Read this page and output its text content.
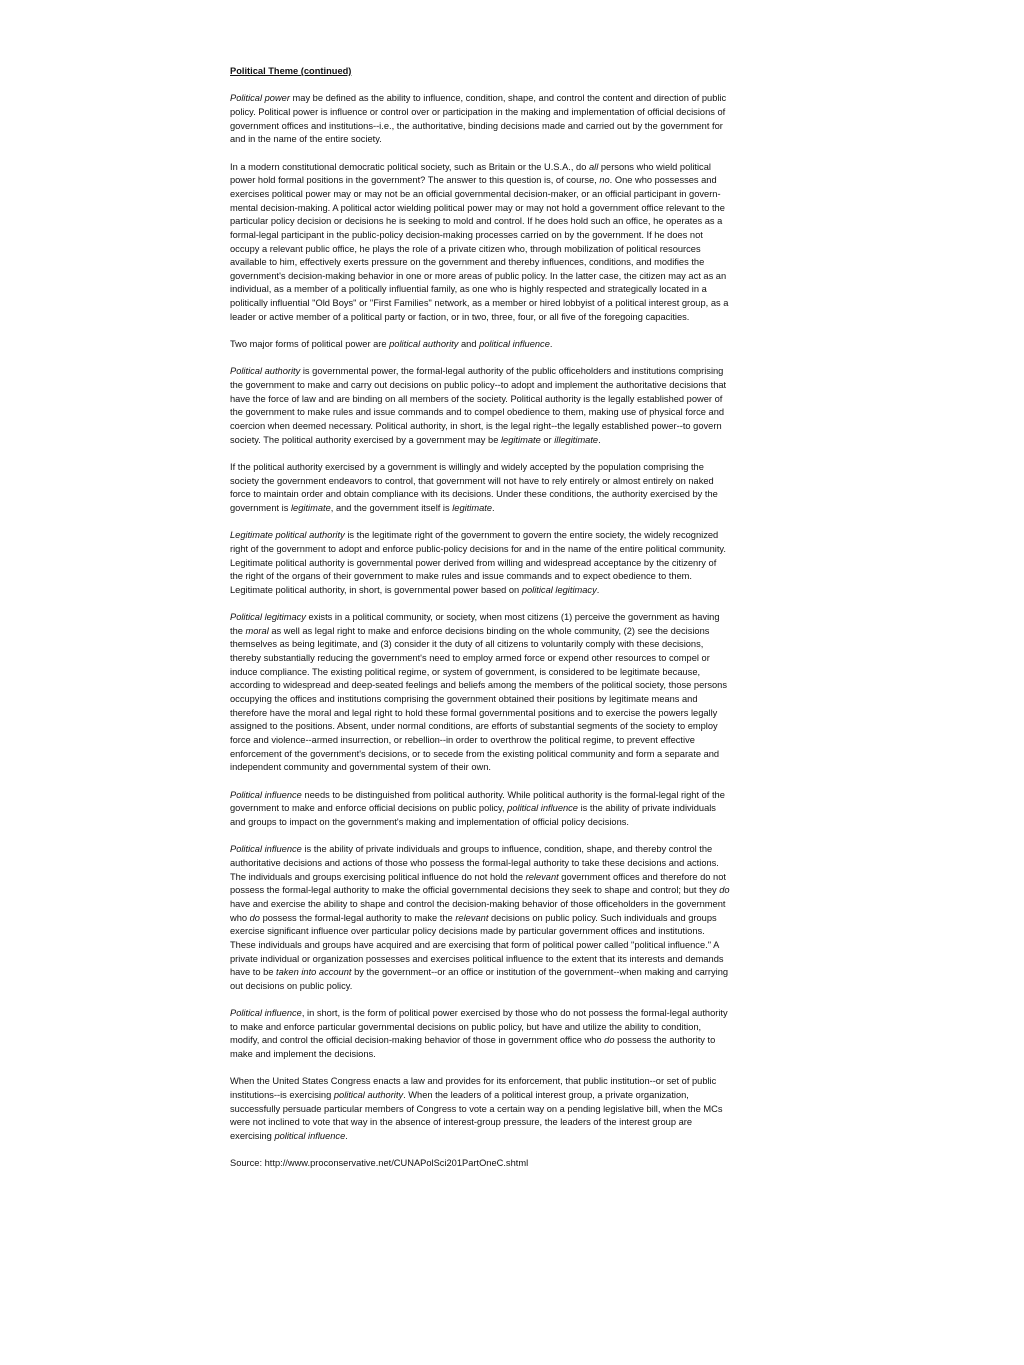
Political Theme (continued)
Political power may be defined as the ability to influence, condition, shape, and control the content and direction of public policy. Political power is influence or control over or participation in the making and implementation of official decisions of government offices and institutions--i.e., the authoritative, binding decisions made and carried out by the government for and in the name of the entire society.
In a modern constitutional democratic political society, such as Britain or the U.S.A., do all persons who wield political power hold formal positions in the government? The answer to this question is, of course, no. One who possesses and exercises political power may or may not be an official governmental decision-maker, or an official participant in govern- mental decision-making. A political actor wielding political power may or may not hold a government office relevant to the particular policy decision or decisions he is seeking to mold and control. If he does hold such an office, he operates as a formal-legal participant in the public-policy decision-making processes carried on by the government. If he does not occupy a relevant public office, he plays the role of a private citizen who, through mobilization of political resources available to him, effectively exerts pressure on the government and thereby influences, conditions, and modifies the government's decision-making behavior in one or more areas of public policy. In the latter case, the citizen may act as an individual, as a member of a politically influential family, as one who is highly respected and strategically located in a politically influential "Old Boys" or "First Families" network, as a member or hired lobbyist of a political interest group, as a leader or active member of a political party or faction, or in two, three, four, or all five of the foregoing capacities.
Two major forms of political power are political authority and political influence.
Political authority is governmental power, the formal-legal authority of the public officeholders and institutions comprising the government to make and carry out decisions on public policy--to adopt and implement the authoritative decisions that have the force of law and are binding on all members of the society. Political authority is the legally established power of the government to make rules and issue commands and to compel obedience to them, making use of physical force and coercion when deemed necessary. Political authority, in short, is the legal right--the legally established power--to govern society. The political authority exercised by a government may be legitimate or illegitimate.
If the political authority exercised by a government is willingly and widely accepted by the population comprising the society the government endeavors to control, that government will not have to rely entirely or almost entirely on naked force to maintain order and obtain compliance with its decisions. Under these conditions, the authority exercised by the government is legitimate, and the government itself is legitimate.
Legitimate political authority is the legitimate right of the government to govern the entire society, the widely recognized right of the government to adopt and enforce public-policy decisions for and in the name of the entire political community. Legitimate political authority is governmental power derived from willing and widespread acceptance by the citizenry of the right of the organs of their government to make rules and issue commands and to expect obedience to them. Legitimate political authority, in short, is governmental power based on political legitimacy.
Political legitimacy exists in a political community, or society, when most citizens (1) perceive the government as having the moral as well as legal right to make and enforce decisions binding on the whole community, (2) see the decisions themselves as being legitimate, and (3) consider it the duty of all citizens to voluntarily comply with these decisions, thereby substantially reducing the government's need to employ armed force or expend other resources to compel or induce compliance. The existing political regime, or system of government, is considered to be legitimate because, according to widespread and deep-seated feelings and beliefs among the members of the political society, those persons occupying the offices and institutions comprising the government obtained their positions by legitimate means and therefore have the moral and legal right to hold these formal governmental positions and to exercise the powers legally assigned to the positions. Absent, under normal conditions, are efforts of substantial segments of the society to employ force and violence--armed insurrection, or rebellion--in order to overthrow the political regime, to prevent effective enforcement of the government's decisions, or to secede from the existing political community and form a separate and independent community and governmental system of their own.
Political influence needs to be distinguished from political authority. While political authority is the formal-legal right of the government to make and enforce official decisions on public policy, political influence is the ability of private individuals and groups to impact on the government's making and implementation of official policy decisions.
Political influence is the ability of private individuals and groups to influence, condition, shape, and thereby control the authoritative decisions and actions of those who possess the formal-legal authority to take these decisions and actions. The individuals and groups exercising political influence do not hold the relevant government offices and therefore do not possess the formal-legal authority to make the official governmental decisions they seek to shape and control; but they do have and exercise the ability to shape and control the decision-making behavior of those officeholders in the government who do possess the formal-legal authority to make the relevant decisions on public policy. Such individuals and groups exercise significant influence over particular policy decisions made by particular government offices and institutions. These individuals and groups have acquired and are exercising that form of political power called "political influence." A private individual or organization possesses and exercises political influence to the extent that its interests and demands have to be taken into account by the government--or an office or institution of the government--when making and carrying out decisions on public policy.
Political influence, in short, is the form of political power exercised by those who do not possess the formal-legal authority to make and enforce particular governmental decisions on public policy, but have and utilize the ability to condition, modify, and control the official decision-making behavior of those in government office who do possess the authority to make and implement the decisions.
When the United States Congress enacts a law and provides for its enforcement, that public institution--or set of public institutions--is exercising political authority. When the leaders of a political interest group, a private organization, successfully persuade particular members of Congress to vote a certain way on a pending legislative bill, when the MCs were not inclined to vote that way in the absence of interest-group pressure, the leaders of the interest group are exercising political influence.
Source: http://www.proconservative.net/CUNAPolSci201PartOneC.shtml
